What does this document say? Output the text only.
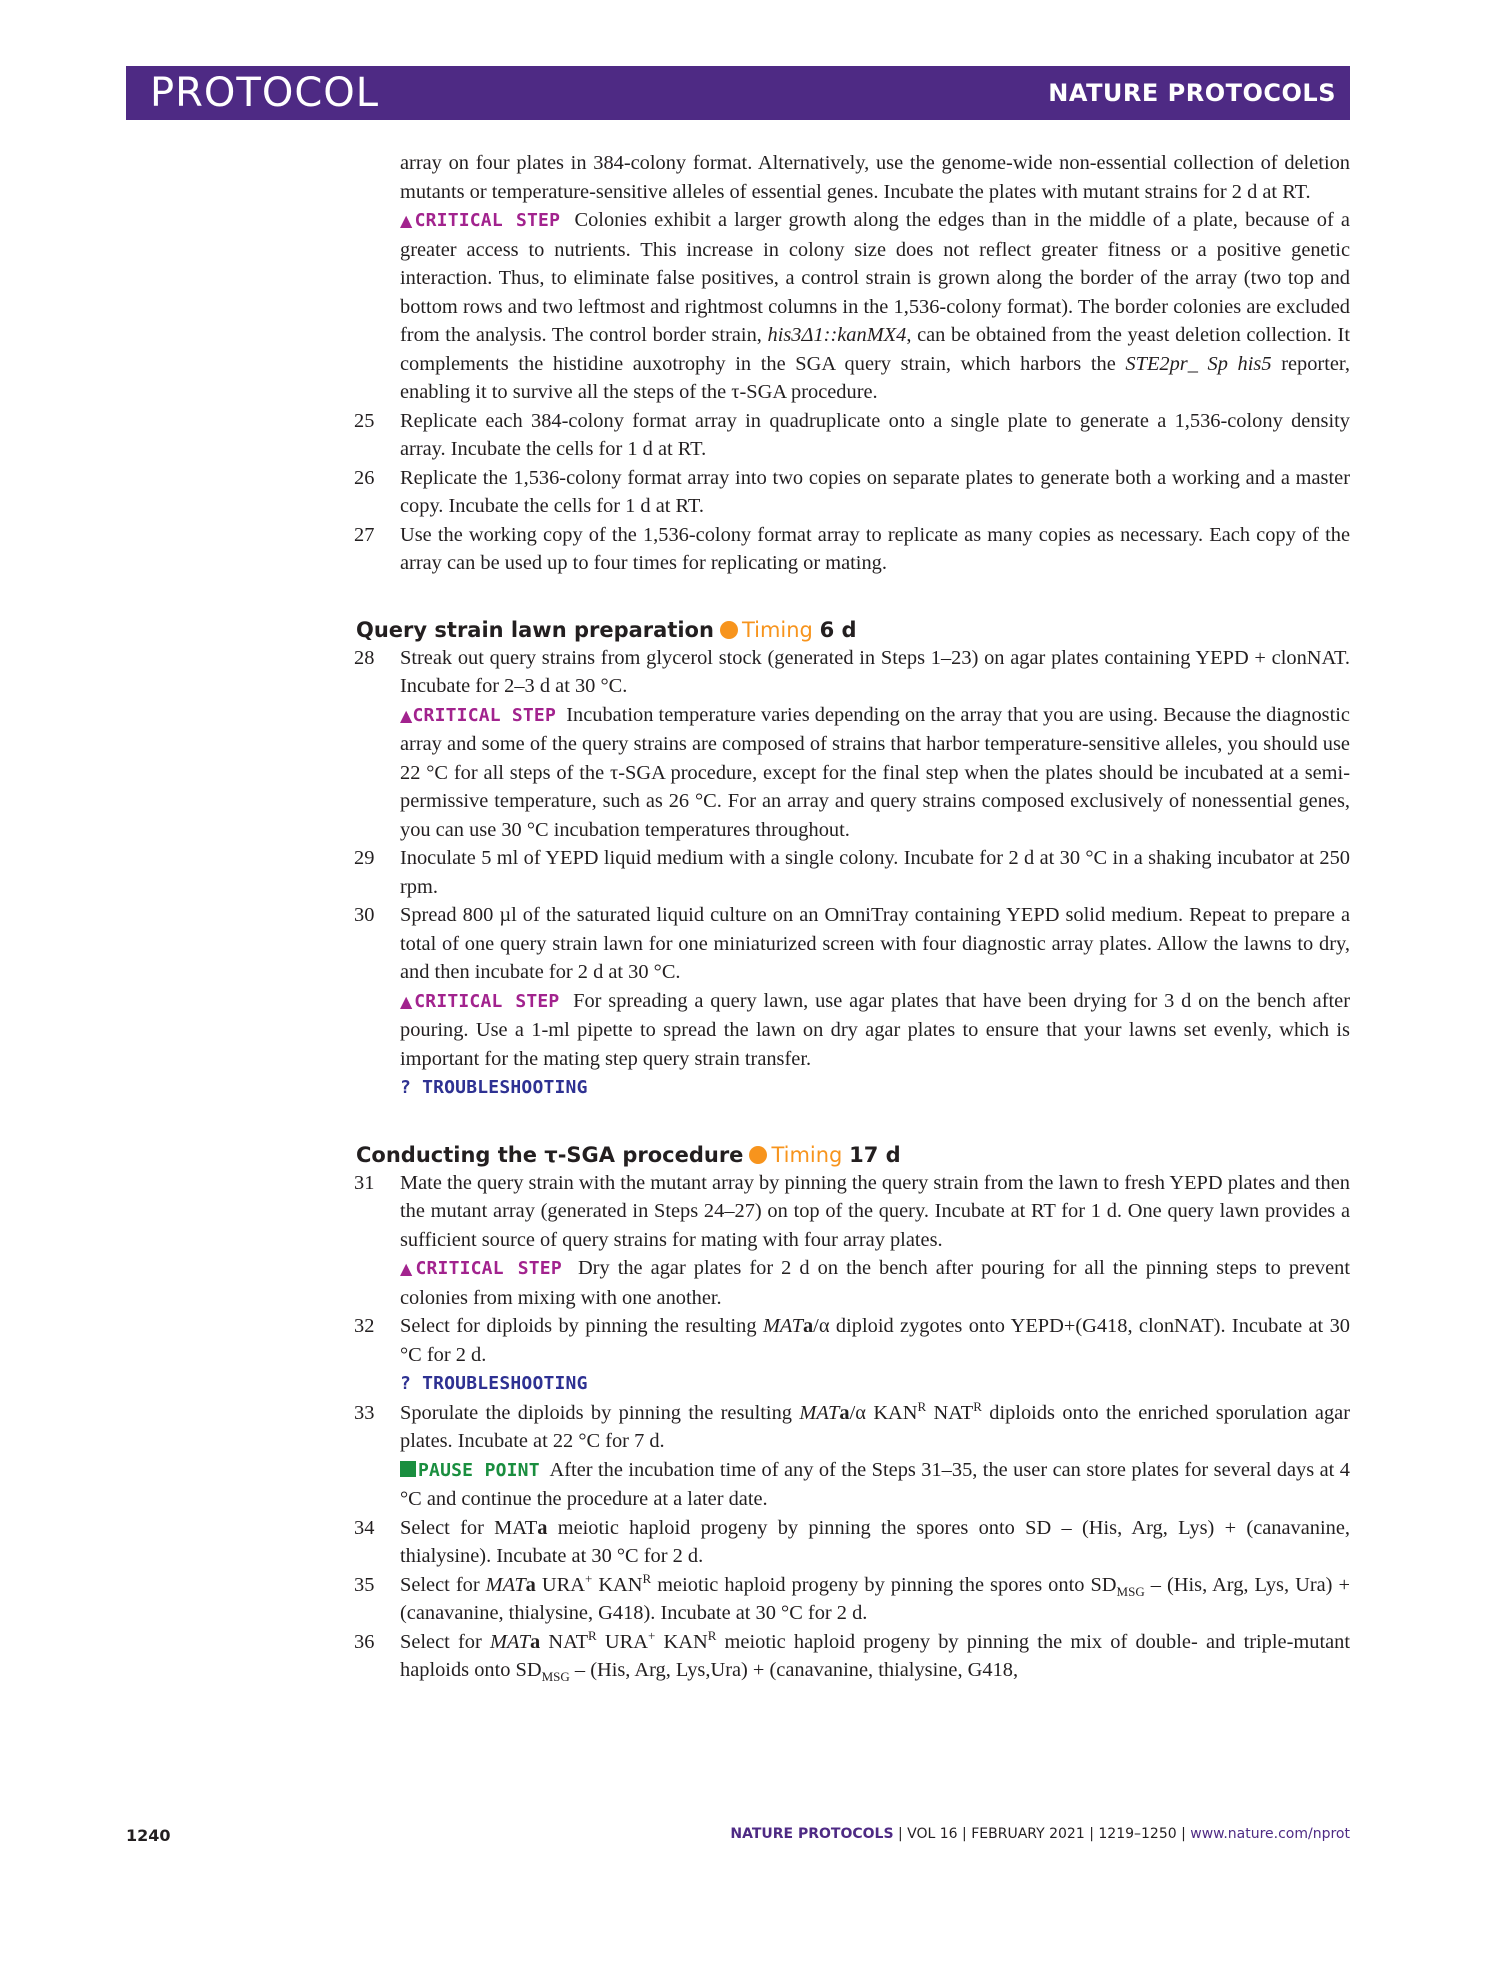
PROTOCOL	NATURE PROTOCOLS

array on four plates in 384-colony format. Alternatively, use the genome-wide non-essential collection of deletion mutants or temperature-sensitive alleles of essential genes. Incubate the plates with mutant strains for 2 d at RT.

▲CRITICAL STEP Colonies exhibit a larger growth along the edges than in the middle of a plate, because of a greater access to nutrients. This increase in colony size does not reflect greater fitness or a positive genetic interaction. Thus, to eliminate false positives, a control strain is grown along the border of the array (two top and bottom rows and two leftmost and rightmost columns in the 1,536-colony format). The border colonies are excluded from the analysis. The control border strain, his3Δ1::kanMX4, can be obtained from the yeast deletion collection. It complements the histidine auxotrophy in the SGA query strain, which harbors the STE2pr_ Sp his5 reporter, enabling it to survive all the steps of the τ-SGA procedure.

25 Replicate each 384-colony format array in quadruplicate onto a single plate to generate a 1,536-colony density array. Incubate the cells for 1 d at RT.

26 Replicate the 1,536-colony format array into two copies on separate plates to generate both a working and a master copy. Incubate the cells for 1 d at RT.

27 Use the working copy of the 1,536-colony format array to replicate as many copies as necessary. Each copy of the array can be used up to four times for replicating or mating.

Query strain lawn preparation Timing 6 d
28 Streak out query strains from glycerol stock (generated in Steps 1–23) on agar plates containing YEPD + clonNAT. Incubate for 2–3 d at 30 °C.

▲CRITICAL STEP Incubation temperature varies depending on the array that you are using. Because the diagnostic array and some of the query strains are composed of strains that harbor temperature-sensitive alleles, you should use 22 °C for all steps of the τ-SGA procedure, except for the final step when the plates should be incubated at a semi-permissive temperature, such as 26 °C. For an array and query strains composed exclusively of nonessential genes, you can use 30 °C incubation temperatures throughout.

29 Inoculate 5 ml of YEPD liquid medium with a single colony. Incubate for 2 d at 30 °C in a shaking incubator at 250 rpm.

30 Spread 800 µl of the saturated liquid culture on an OmniTray containing YEPD solid medium. Repeat to prepare a total of one query strain lawn for one miniaturized screen with four diagnostic array plates. Allow the lawns to dry, and then incubate for 2 d at 30 °C.

▲CRITICAL STEP For spreading a query lawn, use agar plates that have been drying for 3 d on the bench after pouring. Use a 1-ml pipette to spread the lawn on dry agar plates to ensure that your lawns set evenly, which is important for the mating step query strain transfer.

? TROUBLESHOOTING

Conducting the τ-SGA procedure Timing 17 d
31 Mate the query strain with the mutant array by pinning the query strain from the lawn to fresh YEPD plates and then the mutant array (generated in Steps 24–27) on top of the query. Incubate at RT for 1 d. One query lawn provides a sufficient source of query strains for mating with four array plates.

▲CRITICAL STEP Dry the agar plates for 2 d on the bench after pouring for all the pinning steps to prevent colonies from mixing with one another.

32 Select for diploids by pinning the resulting MATa/α diploid zygotes onto YEPD+(G418, clonNAT). Incubate at 30 °C for 2 d.

? TROUBLESHOOTING

33 Sporulate the diploids by pinning the resulting MATa/α $KAN^R$ $NAT^R$ diploids onto the enriched sporulation agar plates. Incubate at 22 °C for 7 d.

PAUSE POINT After the incubation time of any of the Steps 31–35, the user can store plates for several days at 4 °C and continue the procedure at a later date.

34 Select for MATa meiotic haploid progeny by pinning the spores onto SD – (His, Arg, Lys) + (canavanine, thialysine). Incubate at 30 °C for 2 d.

35 Select for MATa URA+ $KAN^R$ meiotic haploid progeny by pinning the spores onto $SD_{MSG} - (His$, Arg, Lys, Ura) + (canavanine, thialysine, G418). Incubate at 30 °C for 2 d.

36 Select for MATa $NAT^R$ URA+ $KAN^R$ meiotic haploid progeny by pinning the mix of double- and triple-mutant haploids onto $SD_{MSG} - (His$, Arg, Lys,Ura) + (canavanine, thialysine, G418,

1240	NATURE PROTOCOLS | VOL 16 | FEBRUARY 2021 | 1219–1250 | www.nature.com/nprot
